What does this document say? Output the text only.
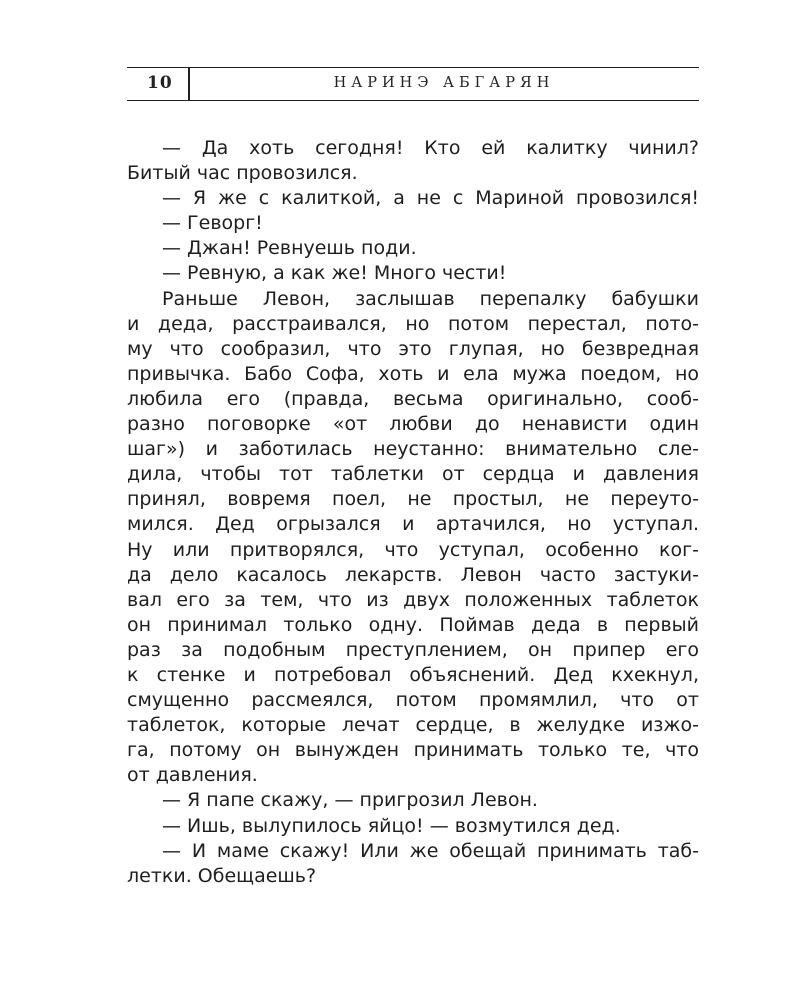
10	НАРИНЭ АБГАРЯН
— Да хоть сегодня! Кто ей калитку чинил?
Битый час провозился.
— Я же с калиткой, а не с Мариной провозился!
— Геворг!
— Джан! Ревнуешь поди.
— Ревную, а как же! Много чести!
Раньше Левон, заслышав перепалку бабушки
и деда, расстраивался, но потом перестал, пото-
му что сообразил, что это глупая, но безвредная
привычка. Бабо Софа, хоть и ела мужа поедом, но
любила его (правда, весьма оригинально, сооб-
разно поговорке «от любви до ненависти один
шаг») и заботилась неустанно: внимательно сле-
дила, чтобы тот таблетки от сердца и давления
принял, вовремя поел, не простыл, не переуто-
мился. Дед огрызался и артачился, но уступал.
Ну или притворялся, что уступал, особенно ког-
да дело касалось лекарств. Левон часто застуки-
вал его за тем, что из двух положенных таблеток
он принимал только одну. Поймав деда в первый
раз за подобным преступлением, он припер его
к стенке и потребовал объяснений. Дед кхекнул,
смущенно рассмеялся, потом промямлил, что от
таблеток, которые лечат сердце, в желудке изжо-
га, потому он вынужден принимать только те, что
от давления.
— Я папе скажу, — пригрозил Левон.
— Ишь, вылупилось яйцо! — возмутился дед.
— И маме скажу! Или же обещай принимать таб-
летки. Обещаешь?
